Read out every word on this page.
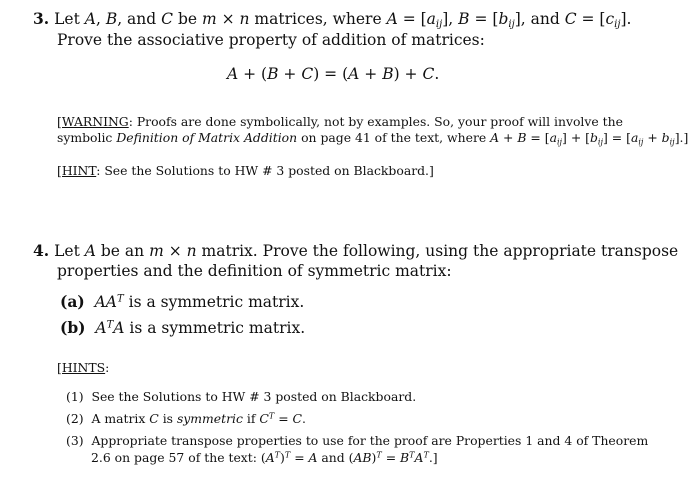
3. Let A, B, and C be m × n matrices, where $A = [a_{ij}]$, $B = [b_{ij}]$, and $C = [c_{ij}]$.
Prove the associative property of addition of matrices:
A + (B + C) = (A + B) + C.
[WARNING: Proofs are done symbolically, not by examples. So, your proof will involve the
symbolic Definition of Matrix Addition on page 41 of the text, where $A + B = [a_{ij}] + [b_{ij}] = [a_{ij} + b_{ij}]$.]
[HINT: See the Solutions to HW # 3 posted on Blackboard.]
4. Let A be an m × n matrix. Prove the following, using the appropriate transpose
properties and the definition of symmetric matrix:
(a) $AA^T$ is a symmetric matrix.
(b) $A^TA$ is a symmetric matrix.
[HINTS:
(1) See the Solutions to HW # 3 posted on Blackboard.
(2)  A matrix C is symmetric if $C^T = C$.
(3) Appropriate transpose properties to use for the proof are Properties 1 and 4 of Theorem
2.6 on page 57 of the text: $(A^T)^T = A$ and $(AB)^T = B^TA^T$.]
